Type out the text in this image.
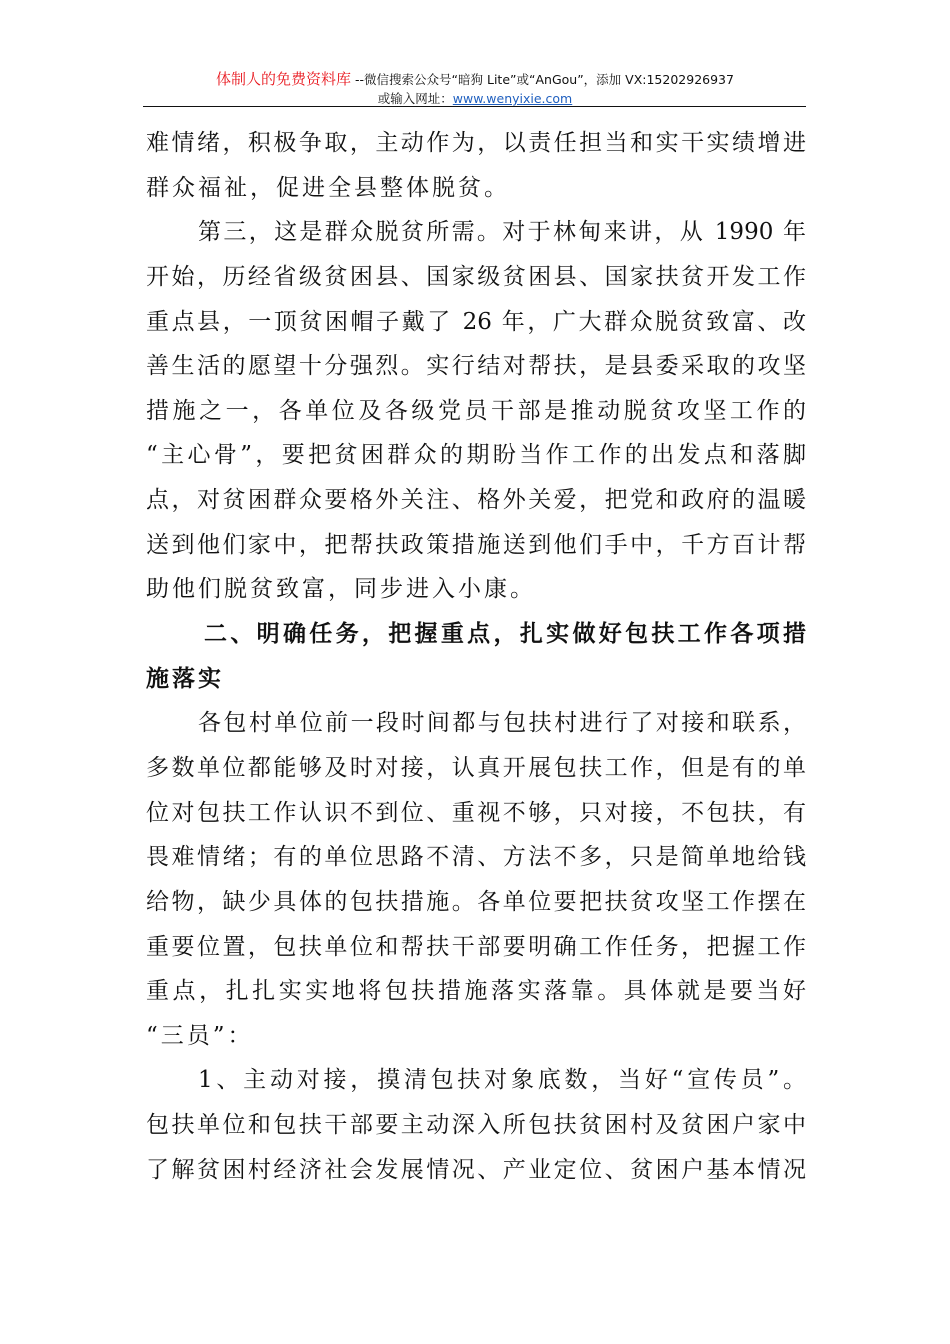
体制人的免费资料库 --微信搜索公众号“暗狗 Lite”或“AnGou”，添加 VX:15202926937
或输入网址：www.wenyixie.com
难情绪，积极争取，主动作为，以责任担当和实干实绩增进
群众福祉，促进全县整体脱贫。
第三，这是群众脱贫所需。对于林甸来讲，从 1990 年
开始，历经省级贫困县、国家级贫困县、国家扶贫开发工作
重点县，一顶贫困帽子戴了 26 年，广大群众脱贫致富、改
善生活的愿望十分强烈。实行结对帮扶，是县委采取的攻坚
措施之一，各单位及各级党员干部是推动脱贫攻坚工作的
“主心骨”，要把贫困群众的期盼当作工作的出发点和落脚
点，对贫困群众要格外关注、格外关爱，把党和政府的温暖
送到他们家中，把帮扶政策措施送到他们手中，千方百计帮
助他们脱贫致富，同步进入小康。
二、明确任务，把握重点，扎实做好包扶工作各项措
施落实
各包村单位前一段时间都与包扶村进行了对接和联系，
多数单位都能够及时对接，认真开展包扶工作，但是有的单
位对包扶工作认识不到位、重视不够，只对接，不包扶，有
畏难情绪；有的单位思路不清、方法不多，只是简单地给钱
给物，缺少具体的包扶措施。各单位要把扶贫攻坚工作摆在
重要位置，包扶单位和帮扶干部要明确工作任务，把握工作
重点，扎扎实实地将包扶措施落实落靠。具体就是要当好
“三员”：
1、主动对接，摸清包扶对象底数，当好“宣传员”。
包扶单位和包扶干部要主动深入所包扶贫困村及贫困户家中
了解贫困村经济社会发展情况、产业定位、贫困户基本情况
